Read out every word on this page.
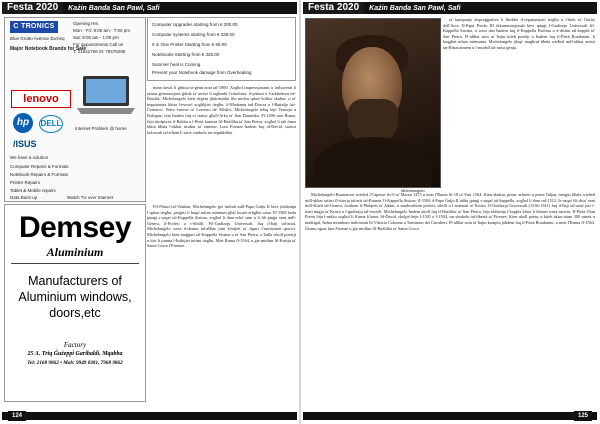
Festa 2020	Każin Banda San Pawl, Safi
C TRONICS
Blue Grotto Avenue Żurrieq
Major Notebook Brands for Sale
Opening Hrs
Mon - Fri: 9:00 am - 7:00 pm
Sat: 9:00 am - 1:00 pm
For appointments Call on
T: 21642766 M: 79476290
lenovo
hp	DELL
/ISUS
Internet Problem @ home
We have a solution
Computer Repairs & Formats
Notebook Repairs & Formats
Printer Repairs
Tablet & Mobile repairs
Data Back-up	Watch TV over Internet
Computer Upgrades starting from € 200.00
Computer systems starting from € 325.00
6 in One Printer Starting from € 69.00
Notebooks Starting from € 325.00
Summer heat is Coming.
Prevent your Notebook damage from Overheating

minn dawk li ġibtuu ta-ġenn nota tal-1800. Xogħol impressjonanti u influwenti li tawna ġenerazzjoni ġdida ta' artisti li tagħmlu l-iskultura, il-pittura u l-arkitettura tal-Barokk. Michelangelo kien dejjem jikkonsidra lilu nnifsu qabel kollox skultur, u ta' importanza kbira l-ewwel xogħlijiet tiegħu: il-Madonna tad-Dawra u l-Battalja taċ-Ċentawri. Wara l-mewt ta' Lorenzo de' Medici, Michelangelo telaq lejn Venezja u Bologna, fejn ħadem fuq xi statwi għall-Arka ta' San Duminku. Fl-1496 mar Ruma, fejn skolpixxa il-Bakku u l-Pietà famuża fil-Bażilika ta' San Pietru, xogħol li tah fama kbira bħala l-akbar skultur ta' żmienu. Lura Firenze ħadem fuq id-David, statwa kolossali tal-irħam li saret simbolu tar-repubblika.

Fil-Pitturi tal-Vatikan, Michelangelo ġie mitlub mill-Papa Ġulju II biex jiddisinja l-qabar tiegħu, proġett li baqa' mhux mitmum għal kważi erbgħin sena. Fl-1508 beda jpinġi s-saqaf tal-Kappella Sistina, xogħol li dam erba' snin u li fih pinġa xeni mill-Ġenesi, il-Profeti u s-Sibilli. Fil-Ġudizzju Universali, fuq il-ħajt tal-artal, Michelangelo wera d-drama tal-aħħar jum b'mijiet ta' figuri f'moviment qawwi. Michelangelo kien maġġuri tal-Kappella Sistina u ta' San Pietru, u ħalla wkoll poeżiji u ittri li juruna l-ħsibijiet intimi tiegħu. Miet Ruma fl-1564, u ġie midfun fil-Knisja ta' Santa Croce f'Firenze.

Demsey
Aluminium
Manufacturers of Aluminium windows, doors,etc
Factory
25 A. Triq Ġużeppi Garibaldi, Mqabba
Tel: 2168 9862 • Mob: 9949 0381, 7968 9862
124
Festa 2020	Każin Banda San Pawl, Safi
Michelangelo

ta' kampanja dispreġġattiva li tħeddet il-reputazzjoni tiegħu u l-bieb ta' Ġiulio dell'Arca. Il-Papa Pawlu III ikkummissjonah biex ipinġi l-Ġudizzju Universali fil-Kappella Sistina, u wara dan ħadem fuq il-Kappella Paolina u d-disinn tal-koppla ta' San Pietru. Fl-aħħar snin ta' ħajtu kiteb poeżiji u ħadem fuq il-Pietà Rondanini, li baqgħet mhux mitmuma. Michelangelo jibqa' magħruf bħala wieħed mill-akbar artisti tar-Rinaxximent u l-mudell tal-artist ġenju.

Michelangelo Buonarroti twieled f'Caprese fis-6 ta' Marzu 1475 u miet f'Ruma fit-18 ta' Frar 1564. Kien skultur, pittur, arkitett u poeta Taljan, meqjus bħala wieħed mill-akbar artisti fl-istorja tal-arti tal-Punent. Il-Kappella Sistina: fl-1508 il-Papa Ġulju II talbu jpinġi s-saqaf tal-kappella, xogħol li dam sal-1512. Is-saqaf fih disa' xeni mill-Ktieb tal-Ġenesi, fosthom il-Ħolqien ta' Adam, u madwarhom profeti, sibilli u l-antenati ta' Kristu. Il-Ġudizzju Universali (1536-1541) fuq il-ħajt tal-artal juri t-tieni miġja ta' Kristu u l-ġudizzju tal-erwieħ. Michelangelo ħadem ukoll fuq il-Bażilika ta' San Pietru, fejn iddisinja l-koppla kbira li tlestiet wara mewtu. Il-Pietà f'San Pietru hija l-uniku xogħol li ffirma b'ismu. Id-David, skolpit bejn l-1501 u l-1504, sar simbolu tal-libertà ta' Firenze. Kien ukoll poeta, u kiteb aktar minn 300 sunett u madrigal, ħafna minnhom indirizzati lil Vittoria Colonna u Tommaso dei Cavalieri. Fl-aħħar snin ta' ħajtu kompla jaħdem fuq il-Pietà Rondanini, u miet f'Ruma fl-1564. Ġismu nġarr lura Firenze u ġie midfun fil-Bażilika ta' Santa Croce.

125
